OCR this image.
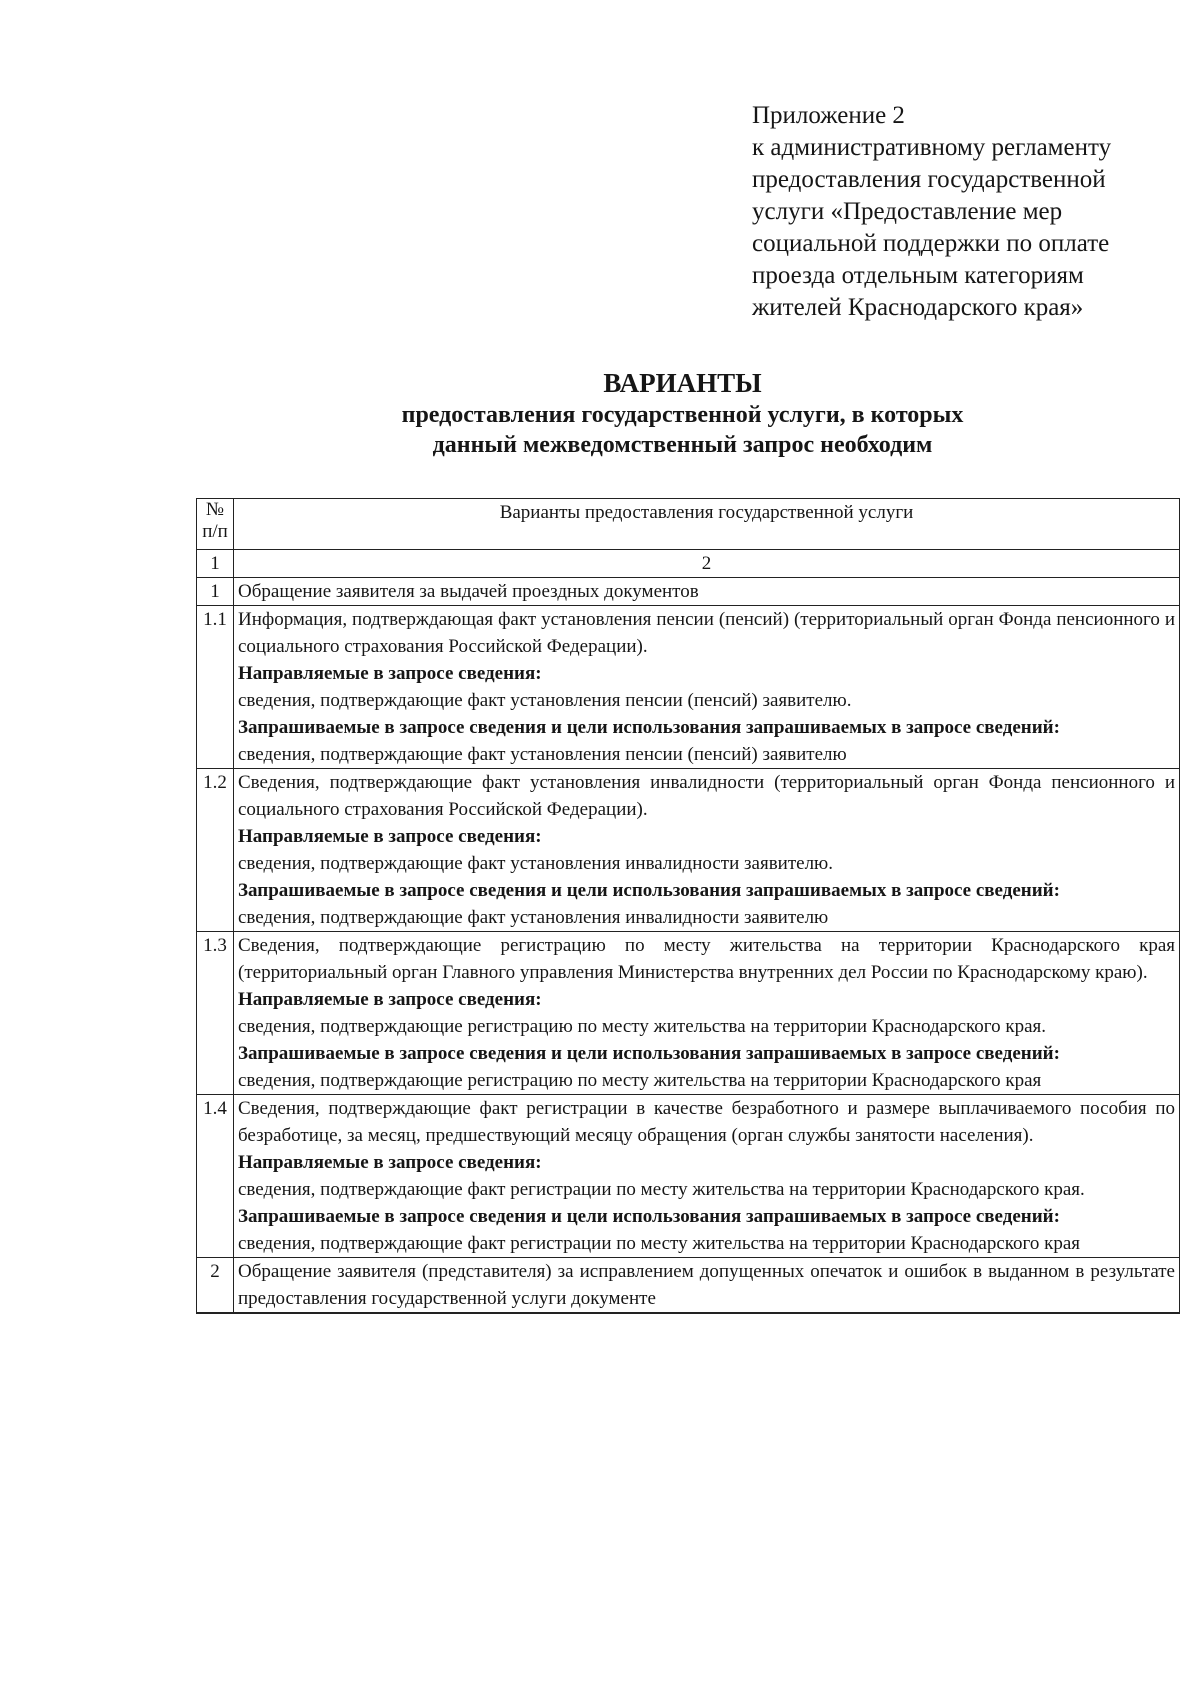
Приложение 2
к административному регламенту
предоставления государственной
услуги «Предоставление мер
социальной поддержки по оплате
проезда отдельным категориям
жителей Краснодарского края»
ВАРИАНТЫ
предоставления государственной услуги, в которых
данный межведомственный запрос необходим
№
п/п	Варианты предоставления государственной услуги
1	2
1	Обращение заявителя за выдачей проездных документов
1.1	Информация, подтверждающая факт установления пенсии (пенсий) (территориальный орган Фонда пенсионного и социального страхования Российской Федерации).
Направляемые в запросе сведения:
сведения, подтверждающие факт установления пенсии (пенсий) заявителю.
Запрашиваемые в запросе сведения и цели использования запрашиваемых в запросе сведений:
сведения, подтверждающие факт установления пенсии (пенсий) заявителю

1.2	Сведения, подтверждающие факт установления инвалидности (территориальный орган Фонда пенсионного и социального страхования Российской Федерации).
Направляемые в запросе сведения:
сведения, подтверждающие факт установления инвалидности заявителю.
Запрашиваемые в запросе сведения и цели использования запрашиваемых в запросе сведений:
сведения, подтверждающие факт установления инвалидности заявителю

1.3	Сведения, подтверждающие регистрацию по месту жительства на территории Краснодарского края (территориальный орган Главного управления Министерства внутренних дел России по Краснодарскому краю).
Направляемые в запросе сведения:
сведения, подтверждающие регистрацию по месту жительства на территории Краснодарского края.
Запрашиваемые в запросе сведения и цели использования запрашиваемых в запросе сведений:
сведения, подтверждающие регистрацию по месту жительства на территории Краснодарского края

1.4	Сведения, подтверждающие факт регистрации в качестве безработного и размере выплачиваемого пособия по безработице, за месяц, предшествующий месяцу обращения (орган службы занятости населения).
Направляемые в запросе сведения:
сведения, подтверждающие факт регистрации по месту жительства на территории Краснодарского края.
Запрашиваемые в запросе сведения и цели использования запрашиваемых в запросе сведений:
сведения, подтверждающие факт регистрации по месту жительства на территории Краснодарского края

2	Обращение заявителя (представителя) за исправлением допущенных опечаток и ошибок в выданном в результате предоставления государственной услуги документе
